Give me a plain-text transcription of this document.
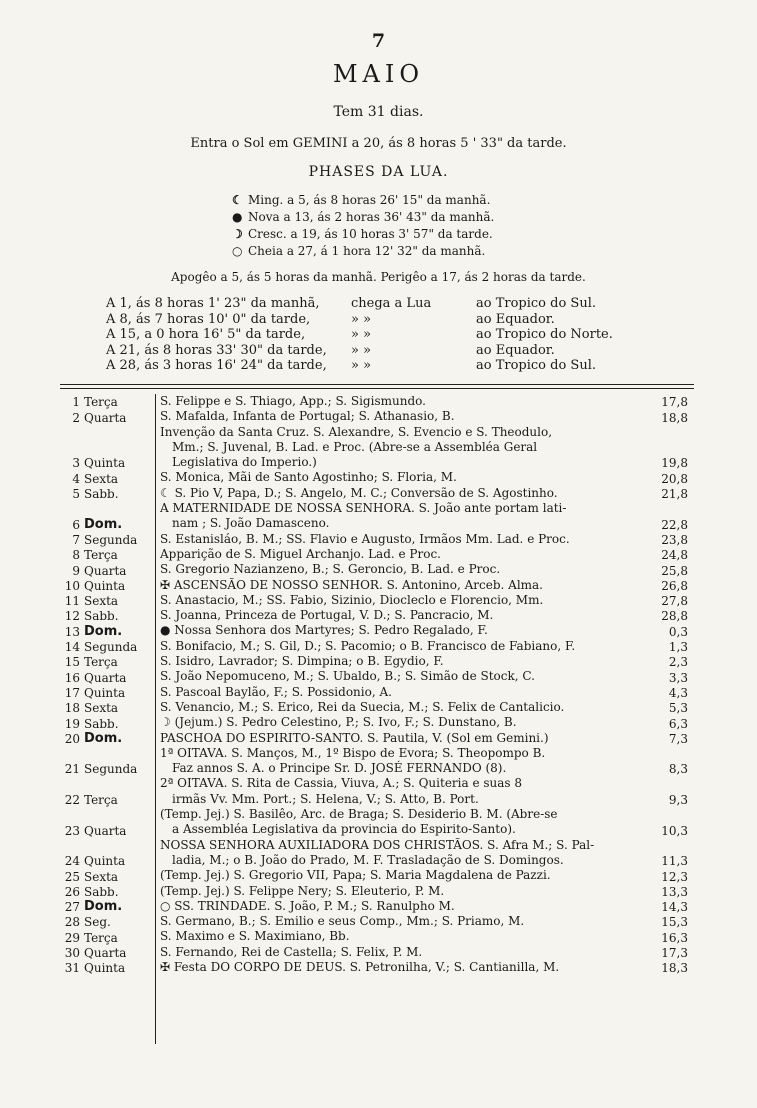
7
MAIO
Tem 31 dias.
Entra o Sol em GEMINI a 20, ás 8 horas 5 ' 33" da tarde.
PHASES DA LUA.
☾ Ming. a 5, ás 8 horas 26' 15" da manhã.
● Nova a 13, ás 2 horas 36' 43" da manhã.
☽ Cresc. a 19, ás 10 horas 3' 57" da tarde.
○ Cheia a 27, á 1 hora 12' 32" da manhã.
Apogêo a 5, ás 5 horas da manhã. Perigêo a 17, ás 2 horas da tarde.
A 1, ás 8 horas 1' 23" da manhã, chega a Lua	ao Tropico do Sul.
A 8, ás 7 horas 10' 0" da tarde,	» »	ao Equador.
A 15, a 0 hora 16' 5" da tarde,	» »	ao Tropico do Norte.
A 21, ás 8 horas 33' 30" da tarde, » »	ao Equador.
A 28, ás 3 horas 16' 24" da tarde, » »	ao Tropico do Sul.
1 Terça	S. Felippe e S. Thiago, App.; S. Sigismundo.	17,8
2 Quarta	S. Mafalda, Infanta de Portugal; S. Athanasio, B.	18,8
3 Quinta
Invenção da Santa Cruz. S. Alexandre, S. Evencio e S. Theodulo,
Mm.; S. Juvenal, B. Lad. e Proc. (Abre-se a Assembléa Geral
Legislativa do Imperio.)	19,8
4 Sexta	S. Monica, Mãi de Santo Agostinho; S. Floria, M.	20,8
5 Sabb.	☾ S. Pio V, Papa, D.; S. Angelo, M. C.; Conversão de S. Agostinho.	21,8
6 Dom.
A MATERNIDADE DE NOSSA SENHORA. S. João ante portam lati-
nam ; S. João Damasceno.	22,8
7 Segunda	S. Estanisláo, B. M.; SS. Flavio e Augusto, Irmãos Mm. Lad. e Proc.	23,8
8 Terça	Apparição de S. Miguel Archanjo. Lad. e Proc.	24,8
9 Quarta	S. Gregorio Nazianzeno, B.; S. Geroncio, B. Lad. e Proc.	25,8
10 Quinta	✠ ASCENSÃO DE NOSSO SENHOR. S. Antonino, Arceb. Alma.	26,8
11 Sexta	S. Anastacio, M.; SS. Fabio, Sizinio, Diocleclo e Florencio, Mm.	27,8
12 Sabb.	S. Joanna, Princeza de Portugal, V. D.; S. Pancracio, M.	28,8
13 Dom.	● Nossa Senhora dos Martyres; S. Pedro Regalado, F.	0,3
14 Segunda	S. Bonifacio, M.; S. Gil, D.; S. Pacomio; o B. Francisco de Fabiano, F.	1,3
15 Terça	S. Isidro, Lavrador; S. Dimpina; o B. Egydio, F.	2,3
16 Quarta	S. João Nepomuceno, M.; S. Ubaldo, B.; S. Simão de Stock, C.	3,3
17 Quinta	S. Pascoal Baylão, F.; S. Possidonio, A.	4,3
18 Sexta	S. Venancio, M.; S. Erico, Rei da Suecia, M.; S. Felix de Cantalicio.	5,3
19 Sabb.	☽ (Jejum.) S. Pedro Celestino, P.; S. Ivo, F.; S. Dunstano, B.	6,3
20 Dom.	PASCHOA DO ESPIRITO-SANTO. S. Pautila, V. (Sol em Gemini.)	7,3
21 Segunda
1ª OITAVA. S. Manços, M., 1º Bispo de Evora; S. Theopompo B.
Faz annos S. A. o Principe Sr. D. JOSÉ FERNANDO (8).	8,3
22 Terça
2ª OITAVA. S. Rita de Cassia, Viuva, A.; S. Quiteria e suas 8
irmãs Vv. Mm. Port.; S. Helena, V.; S. Atto, B. Port.	9,3
23 Quarta
(Temp. Jej.) S. Basilêo, Arc. de Braga; S. Desiderio B. M. (Abre-se
a Assembléa Legislativa da provincia do Espirito-Santo).	10,3
24 Quinta
NOSSA SENHORA AUXILIADORA DOS CHRISTÃOS. S. Afra M.; S. Pal-
ladia, M.; o B. João do Prado, M. F. Trasladação de S. Domingos.	11,3
25 Sexta	(Temp. Jej.) S. Gregorio VII, Papa; S. Maria Magdalena de Pazzi.	12,3
26 Sabb.	(Temp. Jej.) S. Felippe Nery; S. Eleuterio, P. M.	13,3
27 Dom.	○ SS. TRINDADE. S. João, P. M.; S. Ranulpho M.	14,3
28 Seg.	S. Germano, B.; S. Emilio e seus Comp., Mm.; S. Priamo, M.	15,3
29 Terça	S. Maximo e S. Maximiano, Bb.	16,3
30 Quarta	S. Fernando, Rei de Castella; S. Felix, P. M.	17,3
31 Quinta	✠ Festa DO CORPO DE DEUS. S. Petronilha, V.; S. Cantianilla, M.	18,3
